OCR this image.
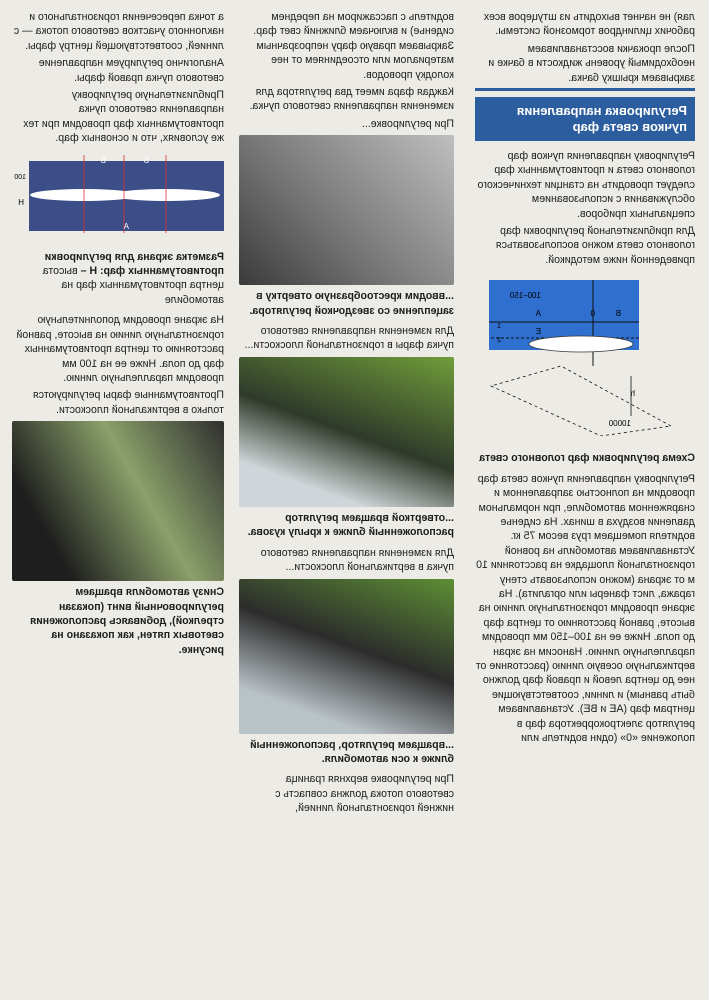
лая) не начнет выходить из штуцеров всех рабочих цилиндров тормозной системы.

После прокачки восстанавливаем необходимый уровень жидкости в бачке и закрываем крышку бачка.

Регулировка направления пучков света фар

Регулировку направления пучков фар головного света и противотуманных фар следует проводить на станции технического обслуживания с использованием специальных приборов.

Для приблизительной регулировки фар головного света можно воспользоваться приведенной ниже методикой.

h
A	0	B
E
100–150
10000
1
2
Схема регулировки фар головного света

Регулировку направления пучков света фар проводим на полностью заправленном и снаряженном автомобиле, при нормальном давлении воздуха в шинах. На сиденье водителя помещаем груз весом 75 кг. Устанавливаем автомобиль на ровной горизонтальной площадке на расстоянии 10 м от экрана (можно использовать стену гаража, лист фанеры или оргалита). На экране проводим горизонтальную линию на высоте, равной расстоянию от центра фар до пола. Ниже ее на 100–150 мм проводим параллельную линию. Наносим на экран вертикальную осевую линию (расстояние от нее до центра левой и правой фар должно быть равным) и линии, соответствующие центрам фар (АЕ и ВЕ). Устанавливаем регулятор электрокорректора фар в положение «0» (один водитель или

водитель с пассажиром на переднем сиденье) и включаем ближний свет фар. Закрываем правую фару непрозрачным материалом или отсоединяем от нее колодку проводов.

Каждая фара имеет два регулятора для изменения направления светового пучка.

При регулировке...

...вводим крестообразную отвертку в зацепление со звездочкой регулятора.

Для изменения направления светового пучка фары в горизонтальной плоскости...

...отверткой вращаем регулятор расположенный ближе к крылу кузова.

Для изменения направления светового пучка в вертикальной плоскости...

...вращаем регулятор, расположенный ближе к оси автомобиля.

При регулировке верхняя граница светового потока должна совпасть с нижней горизонтальной линией,

а точка пересечения горизонтального и наклонного участков светового потока — с линией, соответствующей центру фары.

Аналогично регулируем направление светового пучка правой фары.

Приблизительную регулировку направления светового пучка противотуманных фар проводим при тех же условиях, что и основных фар.

Б
Б
А
Н
100
Разметка экрана для регулировки противотуманных фар: Н – высота центра противотуманных фар на автомобиле

На экране проводим дополнительную горизонтальную линию на высоте, равной расстоянию от центра противотуманных фар до пола. Ниже ее на 100 мм проводим параллельную линию.

Противотуманные фары регулируются только в вертикальной плоскости.

Снизу автомобиля вращаем регулировочный винт (показан стрелкой), добиваясь расположения световых пятен, как показано на рисунке.
